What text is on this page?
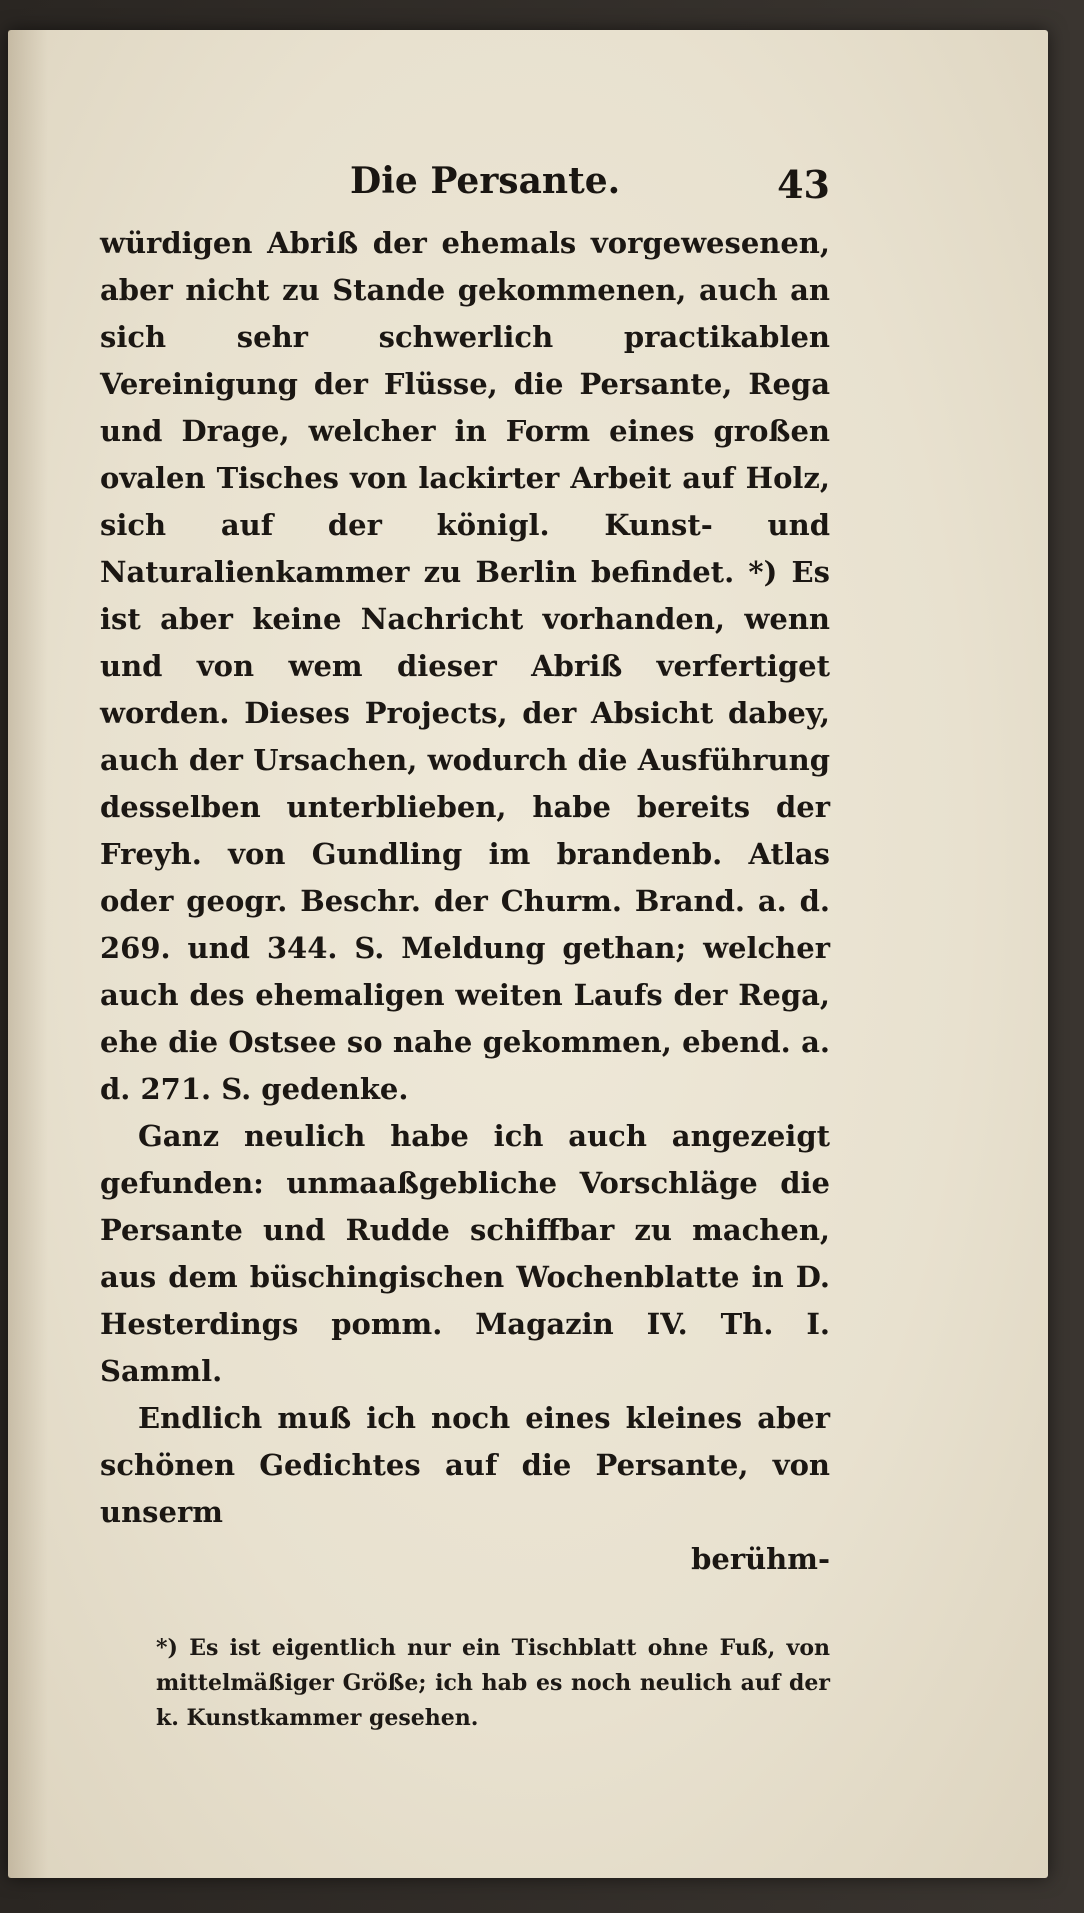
Die Persante.	43

würdigen Abriß der ehemals vorgewesenen, aber nicht zu Stande gekommenen, auch an sich sehr schwerlich practikablen Vereinigung der Flüsse, die Persante, Rega und Drage, welcher in Form eines großen ovalen Tisches von lackirter Arbeit auf Holz, sich auf der königl. Kunst- und Naturalienkammer zu Berlin befindet. *) Es ist aber keine Nachricht vorhanden, wenn und von wem dieser Abriß verfertiget worden. Dieses Projects, der Absicht dabey, auch der Ursachen, wodurch die Ausführung desselben unterblieben, habe bereits der Freyh. von Gundling im brandenb. Atlas oder geogr. Beschr. der Churm. Brand. a. d. 269. und 344. S. Meldung gethan; welcher auch des ehemaligen weiten Laufs der Rega, ehe die Ostsee so nahe gekommen, ebend. a. d. 271. S. gedenke.

Ganz neulich habe ich auch angezeigt gefunden: unmaaßgebliche Vorschläge die Persante und Rudde schiffbar zu machen, aus dem büschingischen Wochenblatte in D. Hesterdings pomm. Magazin IV. Th. I. Samml.

Endlich muß ich noch eines kleines aber schönen Gedichtes auf die Persante, von unserm

berühm-

*) Es ist eigentlich nur ein Tischblatt ohne Fuß, von mittelmäßiger Größe; ich hab es noch neulich auf der k. Kunstkammer gesehen.
